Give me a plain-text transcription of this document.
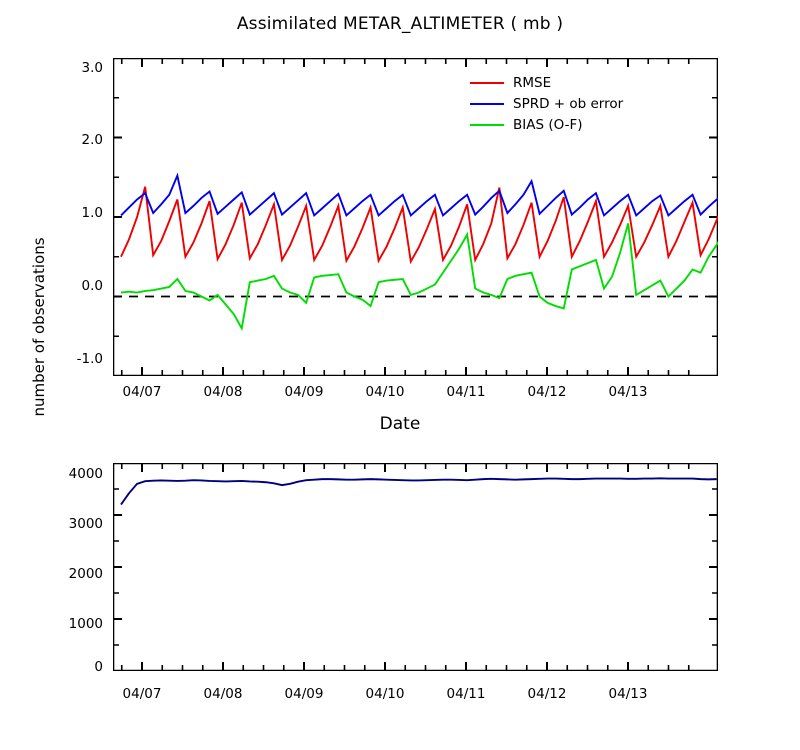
Assimilated METAR_ALTIMETER ( mb )
3.0
2.0
1.0
0.0
-1.0
04/07	04/08	04/09	04/10	04/11	04/12	04/13
Date
RMSE
SPRD + ob error
BIAS (O-F)
4000
3000
2000
1000
0
04/07	04/08	04/09	04/10	04/11	04/12	04/13
number of observations
